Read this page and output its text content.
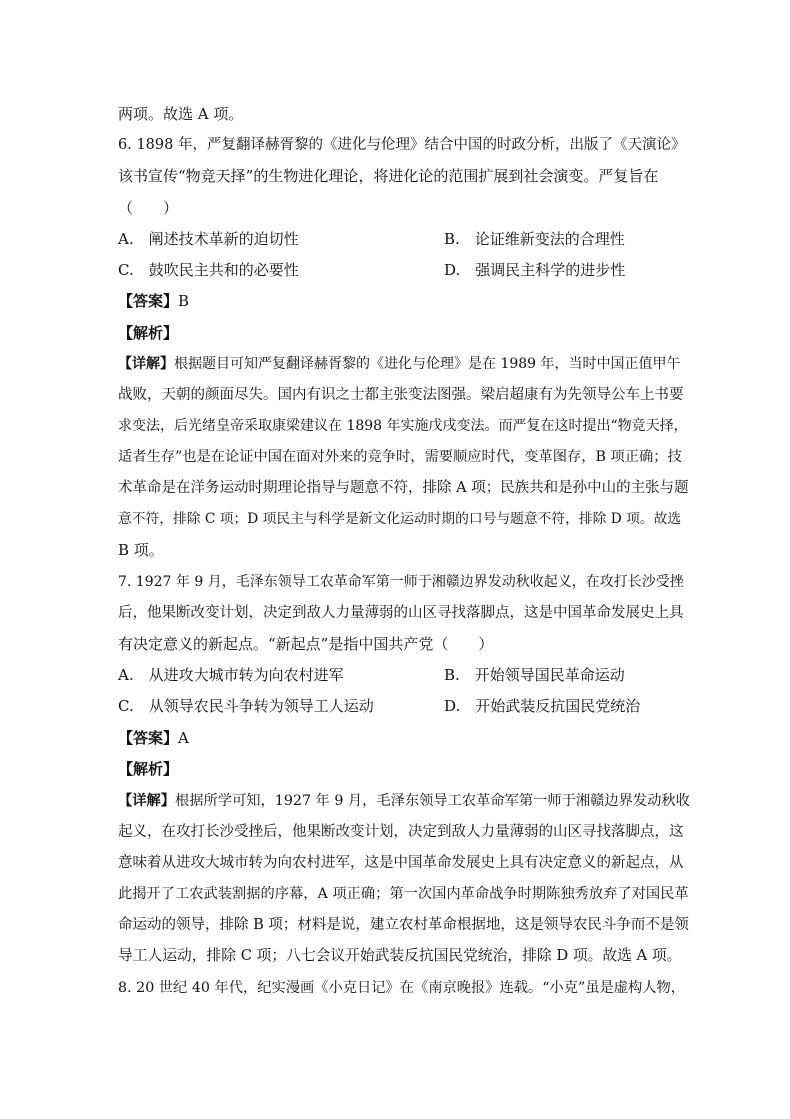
两项。故选 A 项。
6. 1898 年，严复翻译赫胥黎的《进化与伦理》结合中国的时政分析，出版了《天演论》
该书宣传“物竞天择”的生物进化理论，将进化论的范围扩展到社会演变。严复旨在
（　　）
A.　阐述技术革新的迫切性	B.　论证维新变法的合理性
C.　鼓吹民主共和的必要性	D.　强调民主科学的进步性
【答案】B
【解析】
【详解】根据题目可知严复翻译赫胥黎的《进化与伦理》是在 1989 年，当时中国正值甲午
战败，天朝的颜面尽失。国内有识之士都主张变法图强。梁启超康有为先领导公车上书要
求变法，后光绪皇帝采取康梁建议在 1898 年实施戊戌变法。而严复在这时提出“物竞天择，
适者生存”也是在论证中国在面对外来的竞争时，需要顺应时代，变革图存，B 项正确；技
术革命是在洋务运动时期理论指导与题意不符，排除 A 项；民族共和是孙中山的主张与题
意不符，排除 C 项；D 项民主与科学是新文化运动时期的口号与题意不符，排除 D 项。故选
B 项。
7. 1927 年 9 月，毛泽东领导工农革命军第一师于湘赣边界发动秋收起义，在攻打长沙受挫
后，他果断改变计划，决定到敌人力量薄弱的山区寻找落脚点，这是中国革命发展史上具
有决定意义的新起点。“新起点”是指中国共产党（　　）
A.　从进攻大城市转为向农村进军	B.　开始领导国民革命运动
C.　从领导农民斗争转为领导工人运动	D.　开始武装反抗国民党统治
【答案】A
【解析】
【详解】根据所学可知，1927 年 9 月，毛泽东领导工农革命军第一师于湘赣边界发动秋收
起义，在攻打长沙受挫后，他果断改变计划，决定到敌人力量薄弱的山区寻找落脚点，这
意味着从进攻大城市转为向农村进军，这是中国革命发展史上具有决定意义的新起点，从
此揭开了工农武装割据的序幕，A 项正确；第一次国内革命战争时期陈独秀放弃了对国民革
命运动的领导，排除 B 项；材料是说，建立农村革命根据地，这是领导农民斗争而不是领
导工人运动，排除 C 项；八七会议开始武装反抗国民党统治，排除 D 项。故选 A 项。
8. 20 世纪 40 年代，纪实漫画《小克日记》在《南京晚报》连载。“小克”虽是虚构人物，
